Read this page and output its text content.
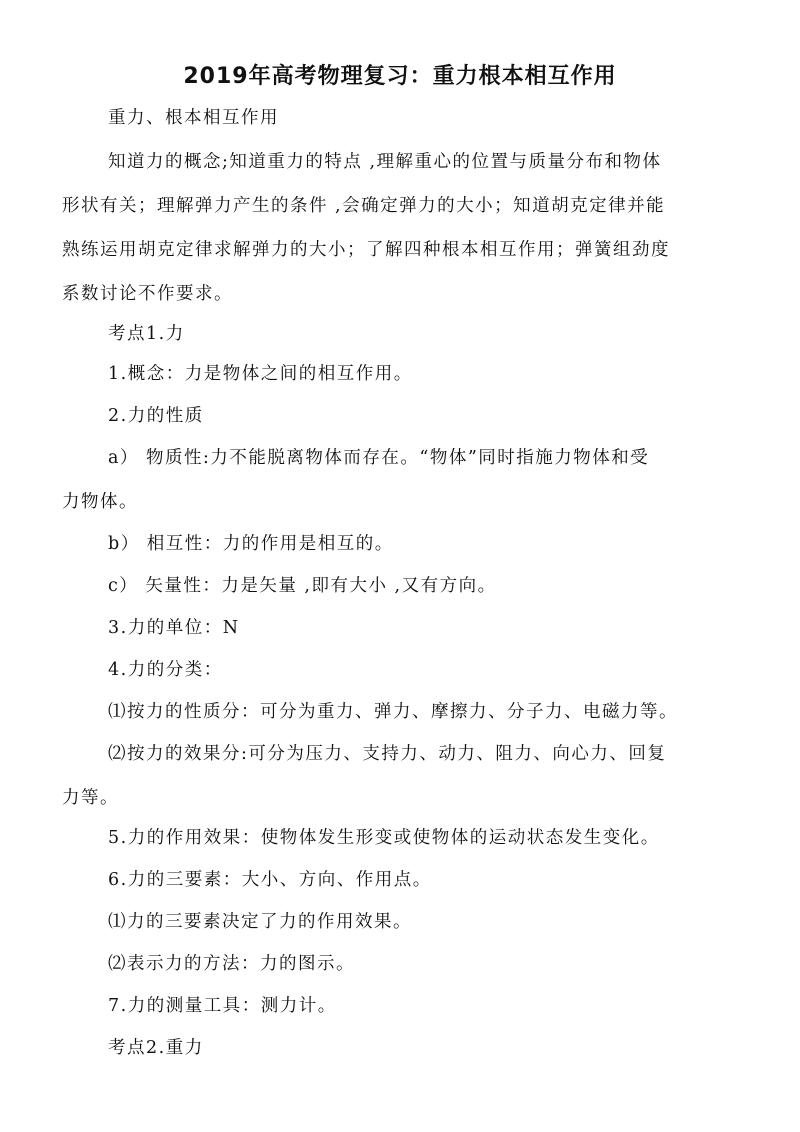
2019年高考物理复习：重力根本相互作用

重力、根本相互作用

知道力的概念;知道重力的特点 ,理解重心的位置与质量分布和物体
形状有关；理解弹力产生的条件 ,会确定弹力的大小；知道胡克定律并能
熟练运用胡克定律求解弹力的大小；了解四种根本相互作用；弹簧组劲度
系数讨论不作要求。

考点1.力

1.概念：力是物体之间的相互作用。

2.力的性质

a） 物质性:力不能脱离物体而存在。“物体”同时指施力物体和受
力物体。

b） 相互性：力的作用是相互的。

c） 矢量性：力是矢量 ,即有大小 ,又有方向。

3.力的单位：N

4.力的分类：

⑴按力的性质分：可分为重力、弹力、摩擦力、分子力、电磁力等。

⑵按力的效果分:可分为压力、支持力、动力、阻力、向心力、回复
力等。

5.力的作用效果：使物体发生形变或使物体的运动状态发生变化。

6.力的三要素：大小、方向、作用点。

⑴力的三要素决定了力的作用效果。

⑵表示力的方法：力的图示。

7.力的测量工具：测力计。

考点2.重力
